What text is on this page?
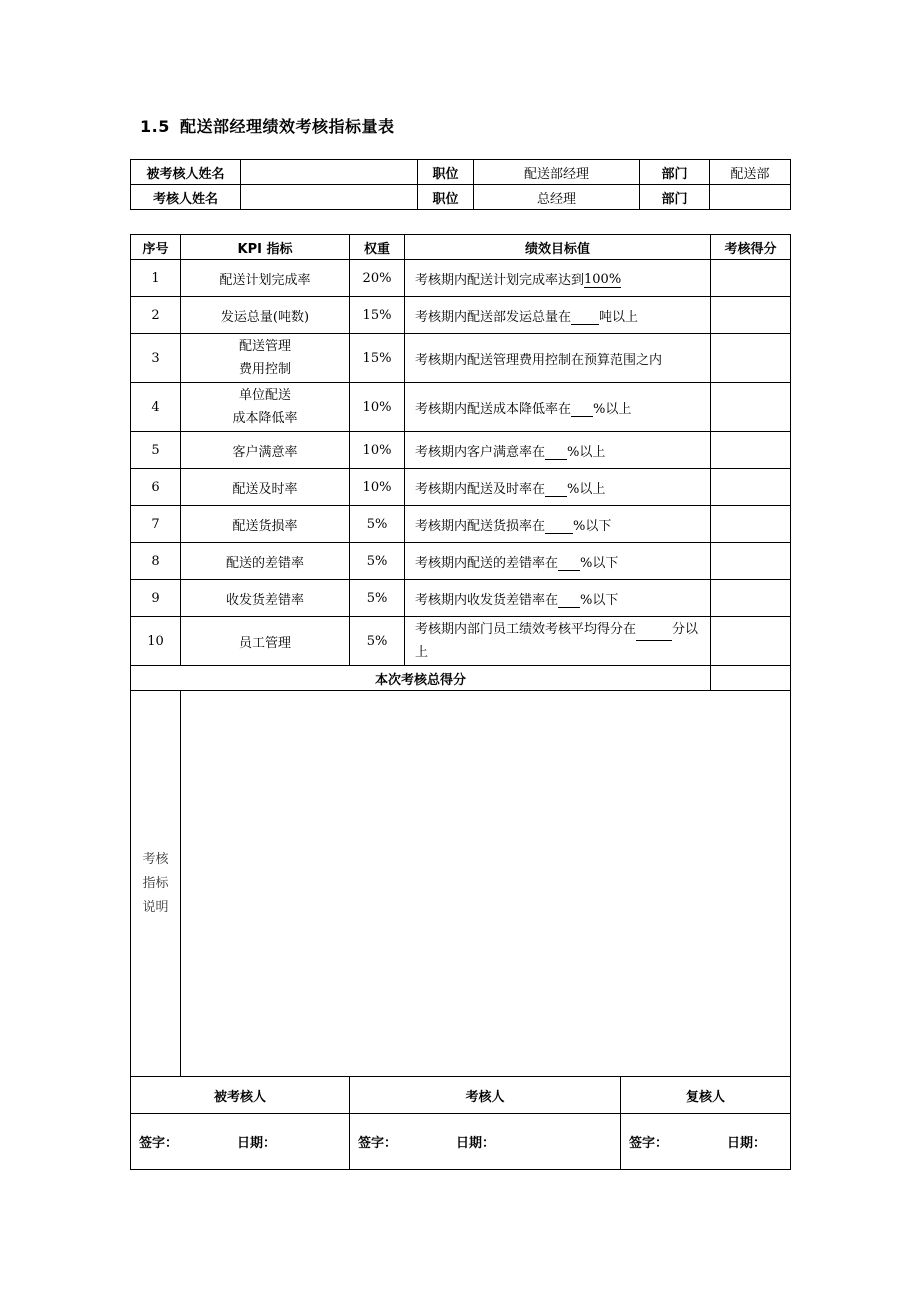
1.5 配送部经理绩效考核指标量表
被考核人姓名		职位	配送部经理	部门	配送部
考核人姓名		职位	总经理	部门	
序号	KPI 指标	权重	绩效目标值		考核得分
1	配送计划完成率	20%	考核期内配送计划完成率达到100%		
2	发运总量(吨数)	15%	考核期内配送部发运总量在 吨以上		
3	配送管理
费用控制	15%	考核期内配送管理费用控制在预算范围之内		
4	单位配送
成本降低率	10%	考核期内配送成本降低率在 %以上		
5	客户满意率	10%	考核期内客户满意率在 %以上		
6	配送及时率	10%	考核期内配送及时率在 %以上		
7	配送货损率	5%	考核期内配送货损率在 %以下		
8	配送的差错率	5%	考核期内配送的差错率在 %以下		
9	收发货差错率	5%	考核期内收发货差错率在 %以下		
10	员工管理	5%	考核期内部门员工绩效考核平均得分在 分以上		
本次考核总得分					

考核
指标
说明					

被考核人		考核人		复核人	
签字： 日期：		签字： 日期：		签字： 日期：	
